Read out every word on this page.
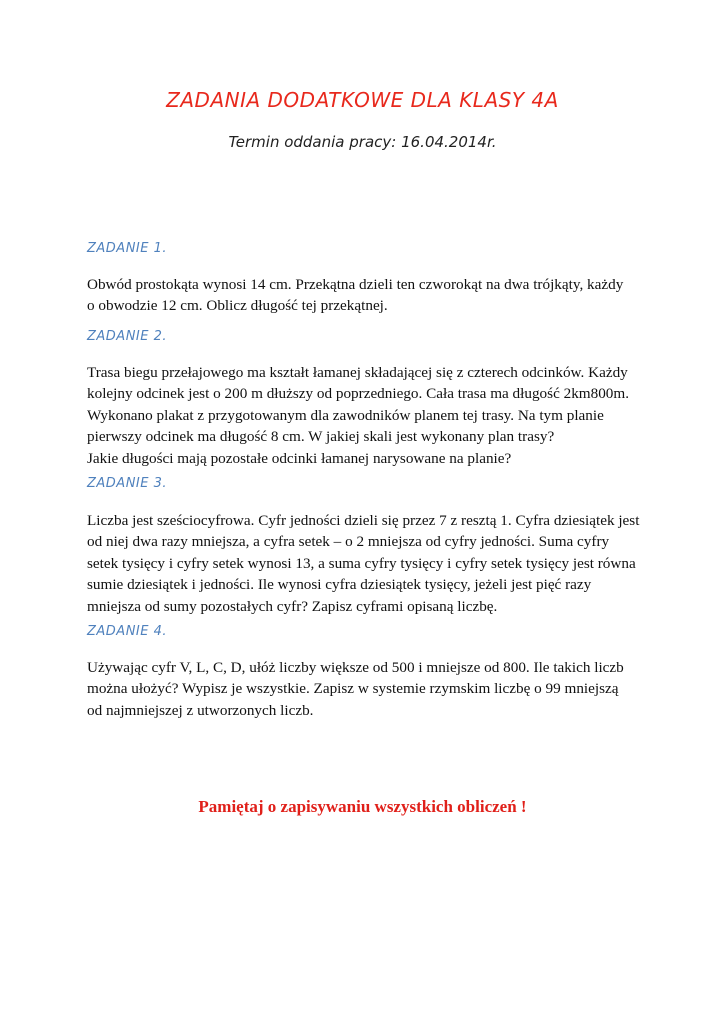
ZADANIA DODATKOWE DLA KLASY 4A
Termin oddania pracy: 16.04.2014r.
ZADANIE 1.
Obwód prostokąta wynosi 14 cm. Przekątna dzieli ten czworokąt na dwa trójkąty, każdy
o obwodzie 12 cm. Oblicz długość tej przekątnej.
ZADANIE 2.
Trasa biegu przełajowego ma kształt łamanej składającej się z czterech odcinków. Każdy
kolejny odcinek jest o 200 m dłuższy od poprzedniego. Cała trasa ma długość 2km800m.
Wykonano plakat z przygotowanym dla zawodników planem tej trasy. Na tym planie
pierwszy odcinek ma długość 8 cm. W jakiej skali jest wykonany plan trasy?
Jakie długości mają pozostałe odcinki łamanej narysowane na planie?
ZADANIE 3.
Liczba jest sześciocyfrowa. Cyfr jedności dzieli się przez 7 z resztą 1. Cyfra dziesiątek jest
od niej dwa razy mniejsza, a cyfra setek – o 2 mniejsza od cyfry jedności. Suma cyfry
setek tysięcy i cyfry setek wynosi 13, a suma cyfry tysięcy i cyfry setek tysięcy jest równa
sumie dziesiątek i jedności. Ile wynosi cyfra dziesiątek tysięcy, jeżeli jest pięć razy
mniejsza od sumy pozostałych cyfr? Zapisz cyframi opisaną liczbę.
ZADANIE 4.
Używając cyfr V, L, C, D, ułóż liczby większe od 500 i mniejsze od 800. Ile takich liczb
można ułożyć? Wypisz je wszystkie. Zapisz w systemie rzymskim liczbę o 99 mniejszą
od najmniejszej z utworzonych liczb.
Pamiętaj o zapisywaniu wszystkich obliczeń !
